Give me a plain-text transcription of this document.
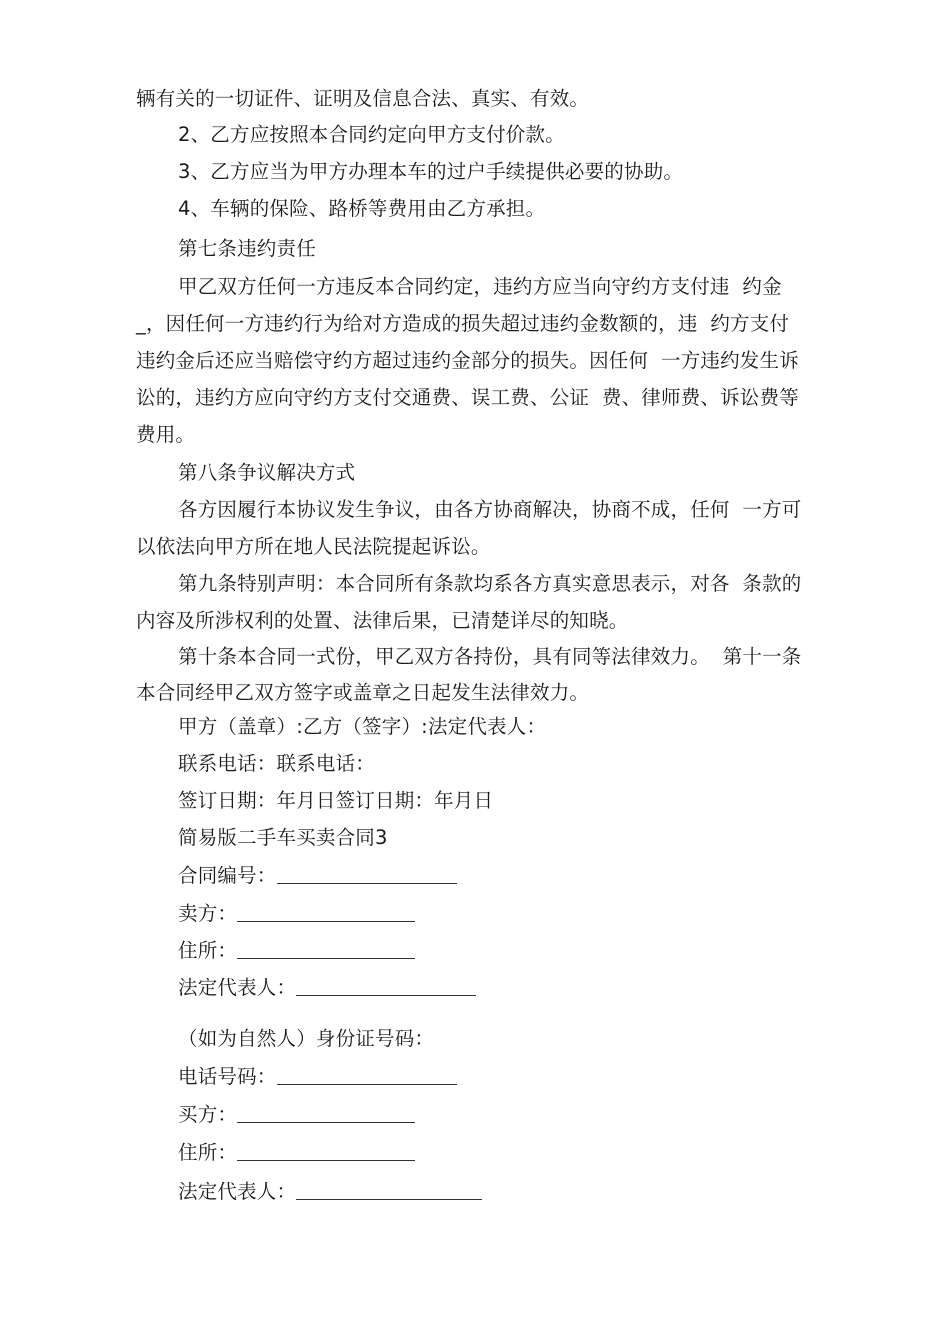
辆有关的一切证件、证明及信息合法、真实、有效。
2、乙方应按照本合同约定向甲方支付价款。
3、乙方应当为甲方办理本车的过户手续提供必要的协助。
4、车辆的保险、路桥等费用由乙方承担。
第七条违约责任
甲乙双方任何一方违反本合同约定，违约方应当向守约方支付违  约金
_，因任何一方违约行为给对方造成的损失超过违约金数额的，违  约方支付
违约金后还应当赔偿守约方超过违约金部分的损失。因任何  一方违约发生诉
讼的，违约方应向守约方支付交通费、误工费、公证  费、律师费、诉讼费等
费用。
第八条争议解决方式
各方因履行本协议发生争议，由各方协商解决，协商不成，任何  一方可
以依法向甲方所在地人民法院提起诉讼。
第九条特别声明：本合同所有条款均系各方真实意思表示，对各  条款的
内容及所涉权利的处置、法律后果，已清楚详尽的知晓。
第十条本合同一式份，甲乙双方各持份，具有同等法律效力。  第十一条
本合同经甲乙双方签字或盖章之日起发生法律效力。
甲方（盖章）:乙方（签字）:法定代表人：
联系电话：联系电话：
签订日期：年月日签订日期：年月日
简易版二手车买卖合同3
合同编号：
卖方：
住所：
法定代表人：
（如为自然人）身份证号码：
电话号码：
买方：
住所：
法定代表人：
